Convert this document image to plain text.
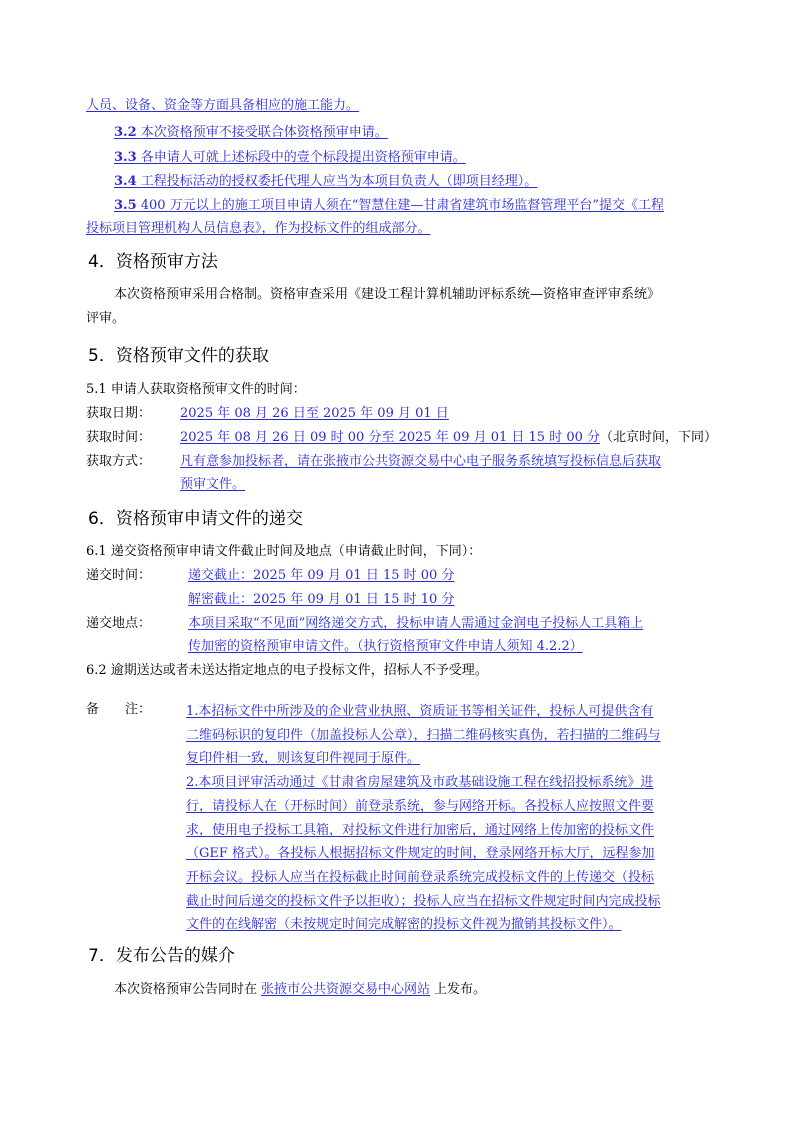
人员、设备、资金等方面具备相应的施工能力。
3.2 本次资格预审不接受联合体资格预审申请。
3.3 各申请人可就上述标段中的壹个标段提出资格预审申请。
3.4 工程投标活动的授权委托代理人应当为本项目负责人（即项目经理）。
3.5 400 万元以上的施工项目申请人须在“智慧住建—甘肃省建筑市场监督管理平台”提交《工程
投标项目管理机构人员信息表》，作为投标文件的组成部分。
4．资格预审方法
本次资格预审采用合格制。资格审查采用《建设工程计算机辅助评标系统—资格审查评审系统》
评审。
5．资格预审文件的获取
5.1 申请人获取资格预审文件的时间：
获取日期： 2025 年 08 月 26 日至 2025 年 09 月 01 日
获取时间： 2025 年 08 月 26 日 09 时 00 分至 2025 年 09 月 01 日 15 时 00 分（北京时间，下同）
获取方式： 凡有意参加投标者，请在张掖市公共资源交易中心电子服务系统填写投标信息后获取
预审文件。
6．资格预审申请文件的递交
6.1 递交资格预审申请文件截止时间及地点（申请截止时间，下同）：
递交时间：	递交截止：2025 年 09 月 01 日 15 时 00 分
解密截止：2025 年 09 月 01 日 15 时 10 分
递交地点：	本项目采取“不见面”网络递交方式，投标申请人需通过金润电子投标人工具箱上
传加密的资格预审申请文件。（执行资格预审文件申请人须知 4.2.2）
6.2 逾期送达或者未送达指定地点的电子投标文件，招标人不予受理。
备　　注：	1.本招标文件中所涉及的企业营业执照、资质证书等相关证件，投标人可提供含有
二维码标识的复印件（加盖投标人公章），扫描二维码核实真伪，若扫描的二维码与
复印件相一致，则该复印件视同于原件。
2.本项目评审活动通过《甘肃省房屋建筑及市政基础设施工程在线招投标系统》进
行，请投标人在（开标时间）前登录系统，参与网络开标。各投标人应按照文件要
求，使用电子投标工具箱，对投标文件进行加密后，通过网络上传加密的投标文件
（GEF 格式）。各投标人根据招标文件规定的时间，登录网络开标大厅，远程参加
开标会议。投标人应当在投标截止时间前登录系统完成投标文件的上传递交（投标
截止时间后递交的投标文件予以拒收）；投标人应当在招标文件规定时间内完成投标
文件的在线解密（未按规定时间完成解密的投标文件视为撤销其投标文件）。
7．发布公告的媒介
本次资格预审公告同时在 张掖市公共资源交易中心网站 上发布。
